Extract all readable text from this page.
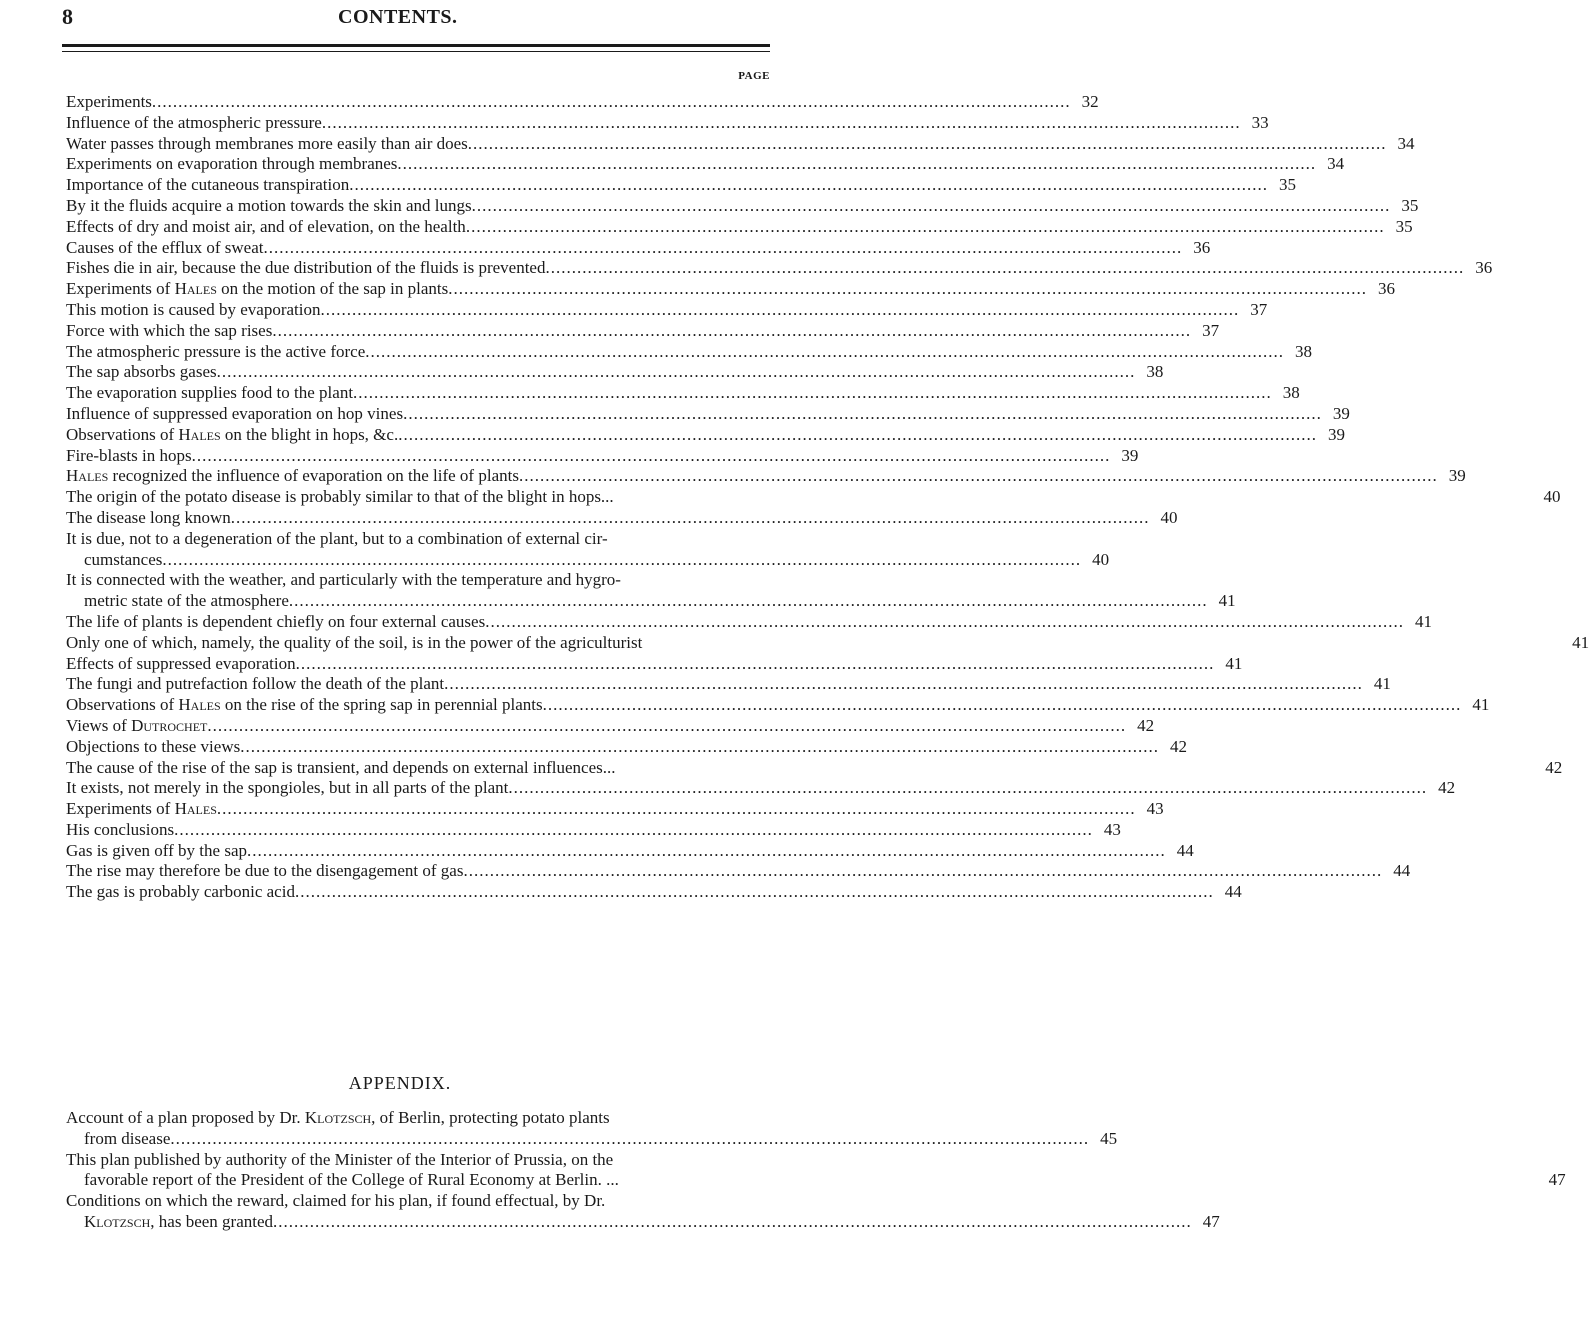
8	CONTENTS.
PAGE
Experiments .....	32
Influence of the atmospheric pressure .....	33
Water passes through membranes more easily than air does .....	34
Experiments on evaporation through membranes .....	34
Importance of the cutaneous transpiration .....	35
By it the fluids acquire a motion towards the skin and lungs .....	35
Effects of dry and moist air, and of elevation, on the health .....	35
Causes of the efflux of sweat .....	36
Fishes die in air, because the due distribution of the fluids is prevented .....	36
Experiments of Hales on the motion of the sap in plants .....	36
This motion is caused by evaporation .....	37
Force with which the sap rises .....	37
The atmospheric pressure is the active force .....	38
The sap absorbs gases .....	38
The evaporation supplies food to the plant .....	38
Influence of suppressed evaporation on hop vines .....	39
Observations of Hales on the blight in hops, &c. .....	39
Fire-blasts in hops .....	39
Hales recognized the influence of evaporation on the life of plants .....	39
The origin of the potato disease is probably similar to that of the blight in hops...	40
The disease long known .....	40
It is due, not to a degeneration of the plant, but to a combination of external cir-
cumstances .....	40
It is connected with the weather, and particularly with the temperature and hygro-
metric state of the atmosphere .....	41
The life of plants is dependent chiefly on four external causes .....	41
Only one of which, namely, the quality of the soil, is in the power of the agriculturist	41
Effects of suppressed evaporation .....	41
The fungi and putrefaction follow the death of the plant .....	41
Observations of Hales on the rise of the spring sap in perennial plants .....	41
Views of Dutrochet .....	42
Objections to these views .....	42
The cause of the rise of the sap is transient, and depends on external influences...	42
It exists, not merely in the spongioles, but in all parts of the plant .....	42
Experiments of Hales .....	43
His conclusions .....	43
Gas is given off by the sap .....	44
The rise may therefore be due to the disengagement of gas .....	44
The gas is probably carbonic acid .....	44
APPENDIX.
Account of a plan proposed by Dr. Klotzsch, of Berlin, protecting potato plants
from disease .....	45
This plan published by authority of the Minister of the Interior of Prussia, on the
favorable report of the President of the College of Rural Economy at Berlin. ...	47
Conditions on which the reward, claimed for his plan, if found effectual, by Dr.
Klotzsch, has been granted .....	47
